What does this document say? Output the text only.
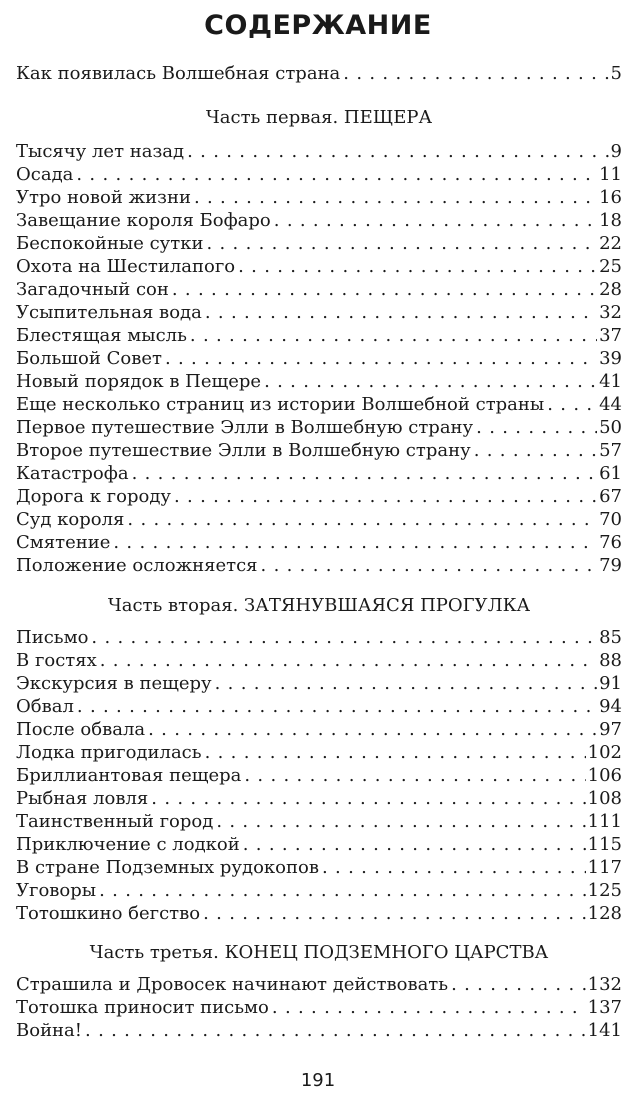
СОДЕРЖАНИЕ
Как появилась Волшебная страна . . .	5
Часть первая. ПЕЩЕРА
Тысячу лет назад . . .	9
Осада . . .	11
Утро новой жизни . . .	16
Завещание короля Бофаро . . .	18
Беспокойные сутки . . .	22
Охота на Шестилапого . . .	25
Загадочный сон . . .	28
Усыпительная вода . . .	32
Блестящая мысль . . .	37
Большой Совет . . .	39
Новый порядок в Пещере . . .	41
Еще несколько страниц из истории Волшебной страны . . .	44
Первое путешествие Элли в Волшебную страну . . .	50
Второе путешествие Элли в Волшебную страну . . .	57
Катастрофа . . .	61
Дорога к городу . . .	67
Суд короля . . .	70
Смятение . . .	76
Положение осложняется . . .	79
Часть вторая. ЗАТЯНУВШАЯСЯ ПРОГУЛКА
Письмо . . .	85
В гостях . . .	88
Экскурсия в пещеру . . .	91
Обвал . . .	94
После обвала . . .	97
Лодка пригодилась . . .	102
Бриллиантовая пещера . . .	106
Рыбная ловля . . .	108
Таинственный город . . .	111
Приключение с лодкой . . .	115
В стране Подземных рудокопов . . .	117
Уговоры . . .	125
Тотошкино бегство . . .	128
Часть третья. КОНЕЦ ПОДЗЕМНОГО ЦАРСТВА
Страшила и Дровосек начинают действовать . . .	132
Тотошка приносит письмо . . .	137
Война! . . .	141
191
